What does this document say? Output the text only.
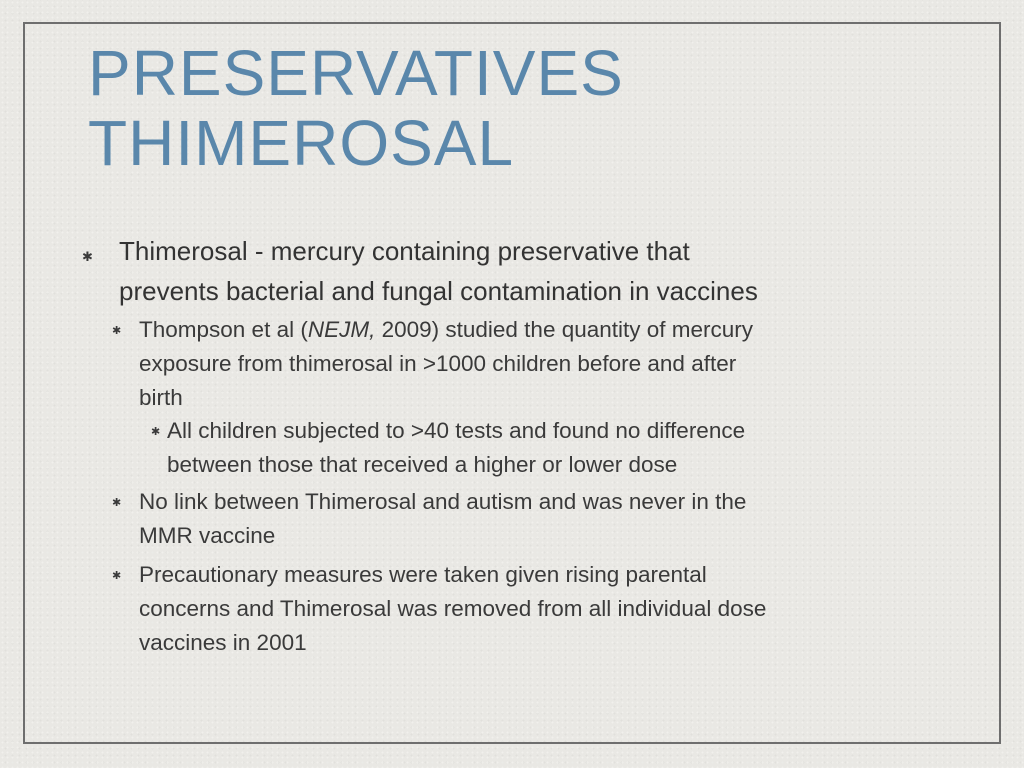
PRESERVATIVES
THIMEROSAL
✱ Thimerosal - mercury containing preservative that
prevents bacterial and fungal contamination in vaccines
✱ Thompson et al (NEJM, 2009) studied the quantity of mercury
exposure from thimerosal in >1000 children before and after
birth
✱ All children subjected to >40 tests and found no difference
between those that received a higher or lower dose
✱ No link between Thimerosal and autism and was never in the
MMR vaccine
✱ Precautionary measures were taken given rising parental
concerns and Thimerosal was removed from all individual dose
vaccines in 2001
